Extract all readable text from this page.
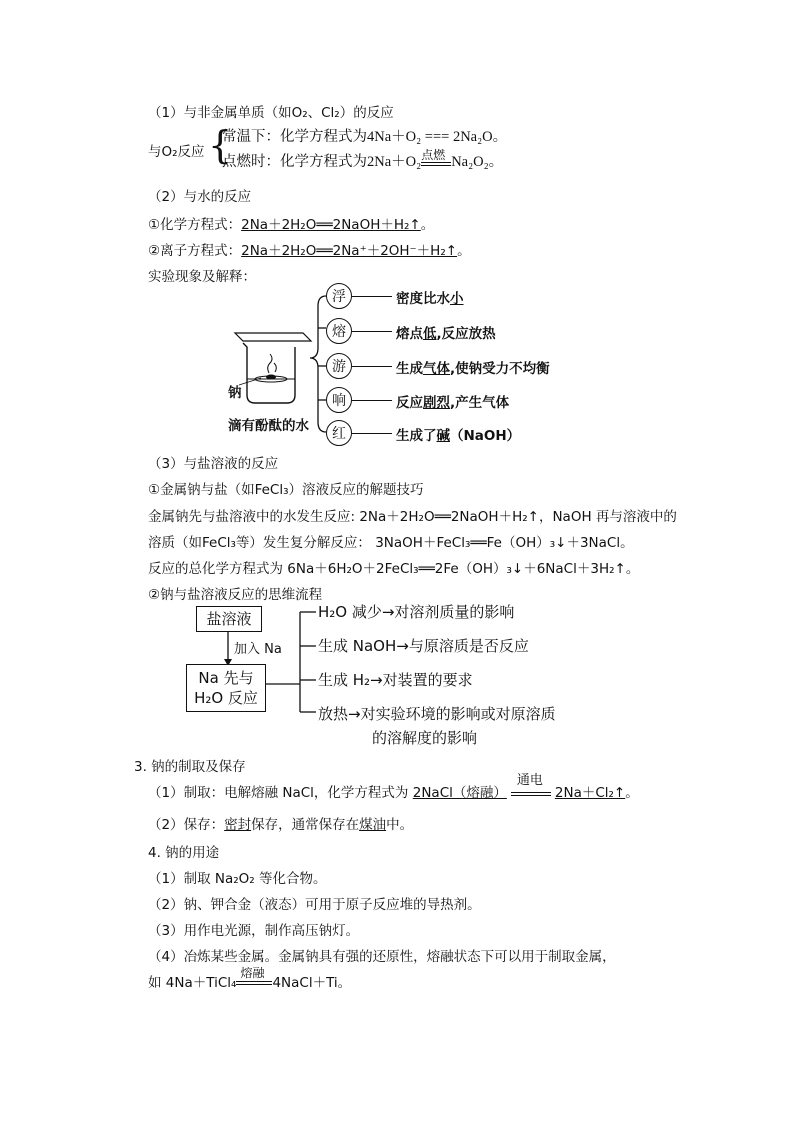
（1）与非金属单质（如O₂、Cl₂）的反应
与O₂反应 {
常温下：化学方程式为4Na＋O₂ === 2Na₂O。
点燃时：化学方程式为2Na＋O₂ 点燃 Na₂O₂。
（2）与水的反应
①化学方程式：2Na＋2H₂O══2NaOH＋H₂↑。
②离子方程式：2Na＋2H₂O══2Na⁺＋2OH⁻＋H₂↑。
实验现象及解释：
钠
滴有酚酞的水
浮	密度比水小
熔	熔点低,反应放热
游	生成气体,使钠受力不均衡
响	反应剧烈,产生气体
红	生成了碱（NaOH）
（3）与盐溶液的反应
①金属钠与盐（如FeCl₃）溶液反应的解题技巧
金属钠先与盐溶液中的水发生反应: 2Na＋2H₂O══2NaOH＋H₂↑，NaOH 再与溶液中的
溶质（如FeCl₃等）发生复分解反应： 3NaOH＋FeCl₃══Fe（OH）₃↓＋3NaCl。
反应的总化学方程式为 6Na＋6H₂O＋2FeCl₃══2Fe（OH）₃↓＋6NaCl＋3H₂↑。
②钠与盐溶液反应的思维流程
盐溶液
加入 Na
Na 先与
H₂O 反应
H₂O 减少→对溶剂质量的影响
生成 NaOH→与原溶质是否反应
生成 H₂→对装置的要求
放热→对实验环境的影响或对原溶质
的溶解度的影响
3. 钠的制取及保存
（1）制取：电解熔融 NaCl，化学方程式为 2NaCl（熔融）
通电
2Na＋Cl₂↑。
（2）保存：密封保存，通常保存在煤油中。
4. 钠的用途
（1）制取 Na₂O₂ 等化合物。
（2）钠、钾合金（液态）可用于原子反应堆的导热剂。
（3）用作电光源，制作高压钠灯。
（4）冶炼某些金属。金属钠具有强的还原性，熔融状态下可以用于制取金属，
如 4Na＋TiCl₄
熔融
4NaCl＋Ti。
